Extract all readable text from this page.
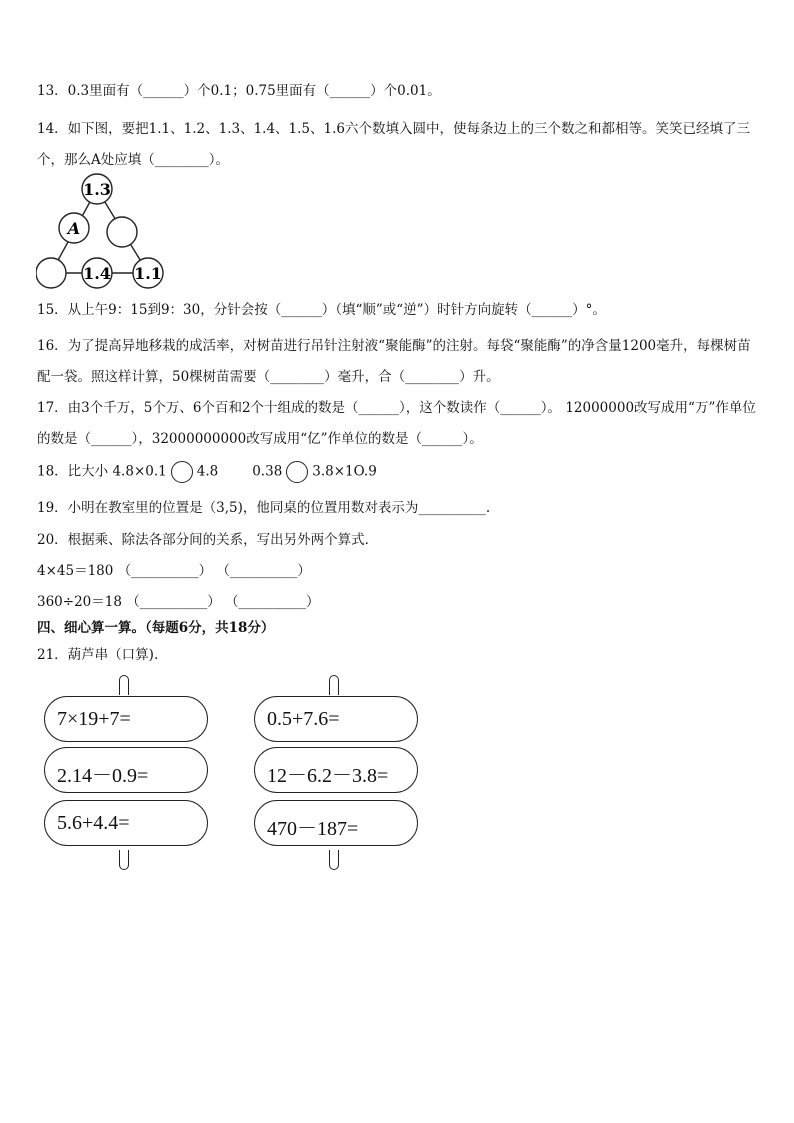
13．0.3里面有（______）个0.1；0.75里面有（______）个0.01。
14．如下图，要把1.1、1.2、1.3、1.4、1.5、1.6六个数填入圆中，使每条边上的三个数之和都相等。笑笑已经填了三个，那么A处应填（________）。
1.3
A
1.4 1.1
15．从上午9：15到9：30，分针会按（______）（填“顺”或“逆”）时针方向旋转（______）°。
16．为了提高异地移栽的成活率，对树苗进行吊针注射液“聚能酶”的注射。每袋“聚能酶”的净含量1200毫升，每棵树苗配一袋。照这样计算，50棵树苗需要（________）毫升，合（________）升。
17．由3个千万，5个万、6个百和2个十组成的数是（______），这个数读作（______）。 12000000改写成用“万”作单位的数是（______），32000000000改写成用“亿”作单位的数是（______）。
18．比大小 4.8×0.1 4.8	0.38 3.8×1O.9
19．小明在教室里的位置是（3,5)，他同桌的位置用数对表示为__________.
20．根据乘、除法各部分间的关系，写出另外两个算式．
4×45＝180 （__________） （__________）
360÷20＝18 （__________） （__________）
四、细心算一算。（每题6分，共18分）
21．葫芦串（口算).
7×19+7=
2.14－0.9=
5.6+4.4=
0.5+7.6=
12－6.2－3.8=
470－187=
